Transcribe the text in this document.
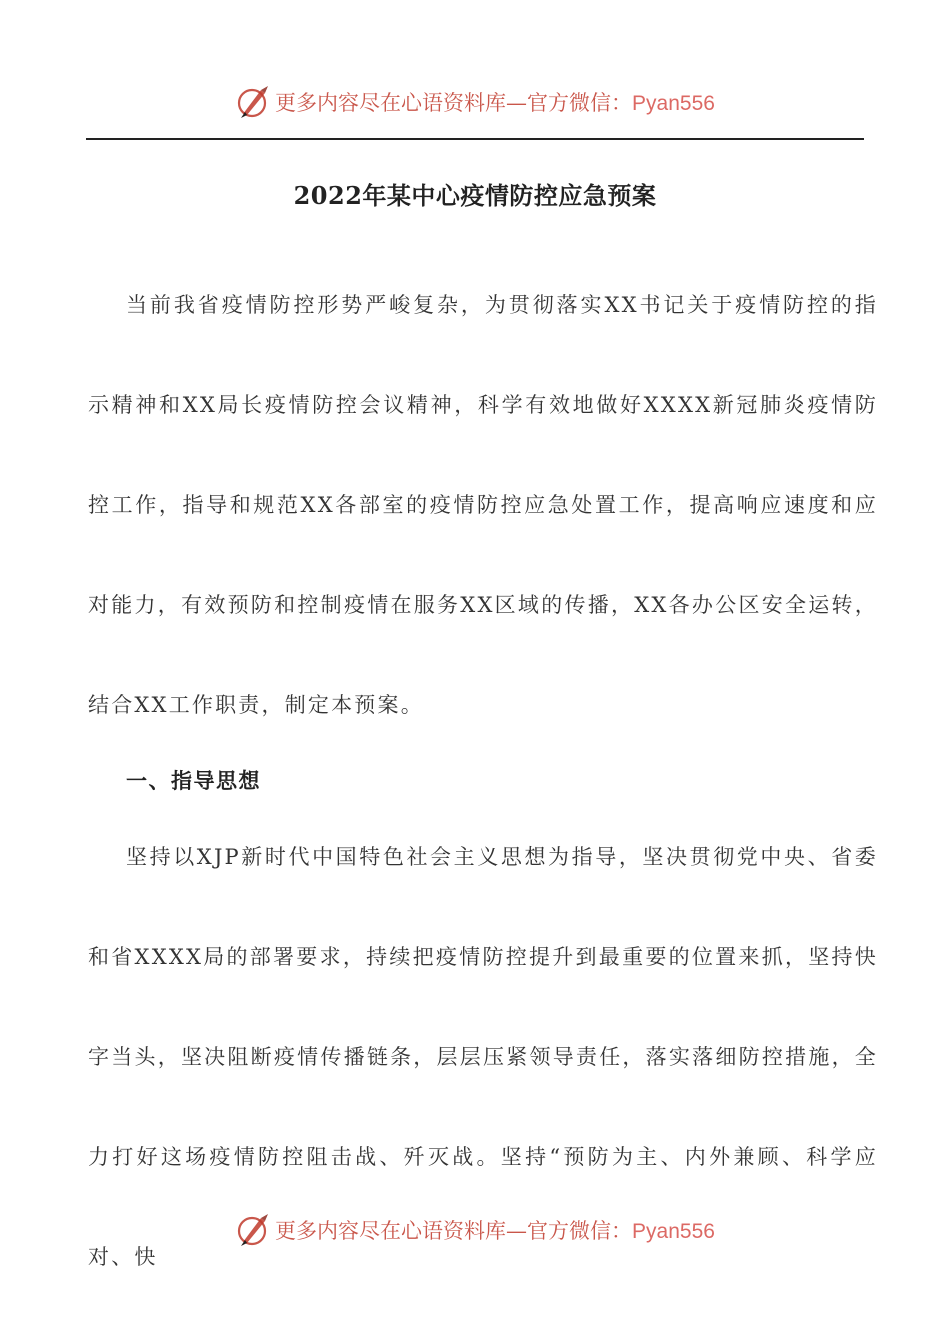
更多内容尽在心语资料库—官方微信：Pyan556
2022年某中心疫情防控应急预案

当前我省疫情防控形势严峻复杂，为贯彻落实XX书记关于疫情防控的指示精神和XX局长疫情防控会议精神，科学有效地做好XXXX新冠肺炎疫情防控工作，指导和规范XX各部室的疫情防控应急处置工作，提高响应速度和应对能力，有效预防和控制疫情在服务XX区域的传播，XX各办公区安全运转，结合XX工作职责，制定本预案。

一、指导思想

坚持以XJP新时代中国特色社会主义思想为指导，坚决贯彻党中央、省委和省XXXX局的部署要求，持续把疫情防控提升到最重要的位置来抓，坚持快字当头，坚决阻断疫情传播链条，层层压紧领导责任，落实落细防控措施，全力打好这场疫情防控阻击战、歼灭战。坚持“预防为主、内外兼顾、科学应对、快

更多内容尽在心语资料库—官方微信：Pyan556
